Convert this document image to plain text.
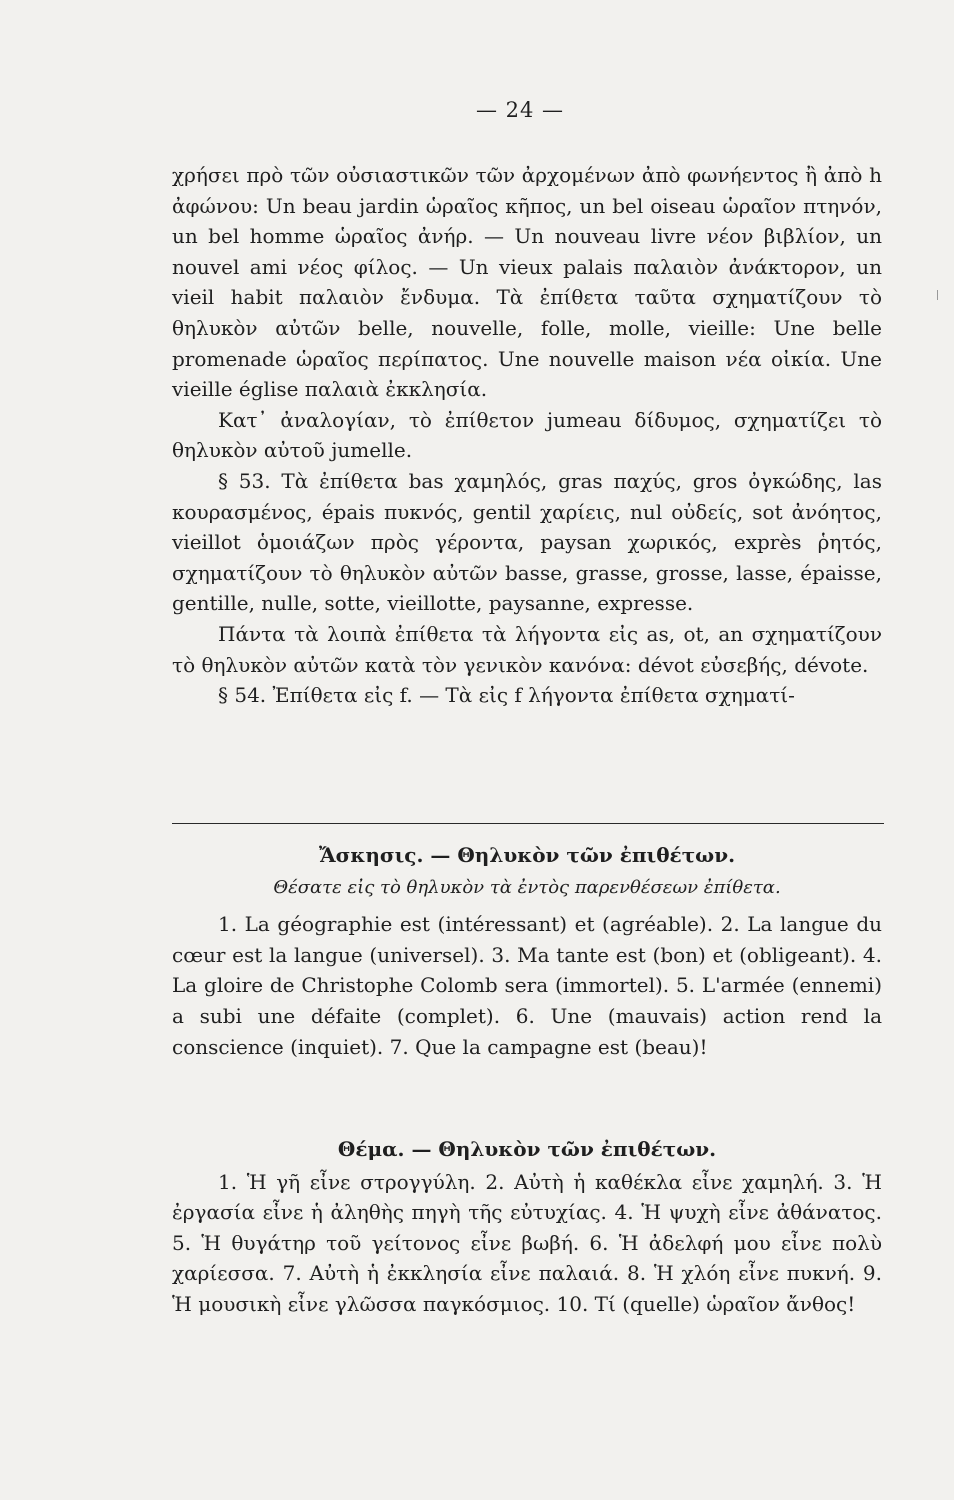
— 24 —

χρήσει πρὸ τῶν οὐσιαστικῶν τῶν ἀρχομένων ἀπὸ φωνήεντος ἢ ἀπὸ h ἀφώνου: Un beau jardin ὡραῖος κῆπος, un bel oiseau ὡραῖον πτηνόν, un bel homme ὡραῖος ἀνήρ. — Un nouveau livre νέον βιβλίον, un nouvel ami νέος φίλος. — Un vieux palais παλαιὸν ἀνάκτορον, un vieil habit παλαιὸν ἔνδυμα. Τὰ ἐπίθετα ταῦτα σχηματίζουν τὸ θηλυκὸν αὐτῶν belle, nouvelle, folle, molle, vieille: Une belle promenade ὡραῖος περίπατος. Une nouvelle maison νέα οἰκία. Une vieille église παλαιὰ ἐκκλησία.

Κατ᾽ ἀναλογίαν, τὸ ἐπίθετον jumeau δίδυμος, σχηματίζει τὸ θηλυκὸν αὐτοῦ jumelle.

§ 53. Τὰ ἐπίθετα bas χαμηλός, gras παχύς, gros ὀγκώδης, las κουρασμένος, épais πυκνός, gentil χαρίεις, nul οὐδείς, sot ἀνόητος, vieillot ὁμοιάζων πρὸς γέροντα, paysan χωρικός, exprès ῥητός, σχηματίζουν τὸ θηλυκὸν αὐτῶν basse, grasse, grosse, lasse, épaisse, gentille, nulle, sotte, vieillotte, paysanne, expresse.

Πάντα τὰ λοιπὰ ἐπίθετα τὰ λήγοντα εἰς as, ot, an σχηματίζουν τὸ θηλυκὸν αὐτῶν κατὰ τὸν γενικὸν κανόνα: dévot εὐσεβής, dévote.

§ 54. Ἐπίθετα εἰς f. — Τὰ εἰς f λήγοντα ἐπίθετα σχηματί-

Ἄσκησις. — Θηλυκὸν τῶν ἐπιθέτων.

Θέσατε εἰς τὸ θηλυκὸν τὰ ἐντὸς παρενθέσεων ἐπίθετα.

1. La géographie est (intéressant) et (agréable). 2. La langue du cœur est la langue (universel). 3. Ma tante est (bon) et (obligeant). 4. La gloire de Christophe Colomb sera (immortel). 5. L'armée (ennemi) a subi une défaite (complet). 6. Une (mauvais) action rend la conscience (inquiet). 7. Que la campagne est (beau)!

Θέμα. — Θηλυκὸν τῶν ἐπιθέτων.

1. Ἡ γῆ εἶνε στρογγύλη. 2. Αὐτὴ ἡ καθέκλα εἶνε χαμηλή. 3. Ἡ ἐργασία εἶνε ἡ ἀληθὴς πηγὴ τῆς εὐτυχίας. 4. Ἡ ψυχὴ εἶνε ἀθάνατος. 5. Ἡ θυγάτηρ τοῦ γείτονος εἶνε βωβή. 6. Ἡ ἀδελφή μου εἶνε πολὺ χαρίεσσα. 7. Αὐτὴ ἡ ἐκκλησία εἶνε παλαιά. 8. Ἡ χλόη εἶνε πυκνή. 9. Ἡ μουσικὴ εἶνε γλῶσσα παγκόσμιος. 10. Τί (quelle) ὡραῖον ἄνθος!
